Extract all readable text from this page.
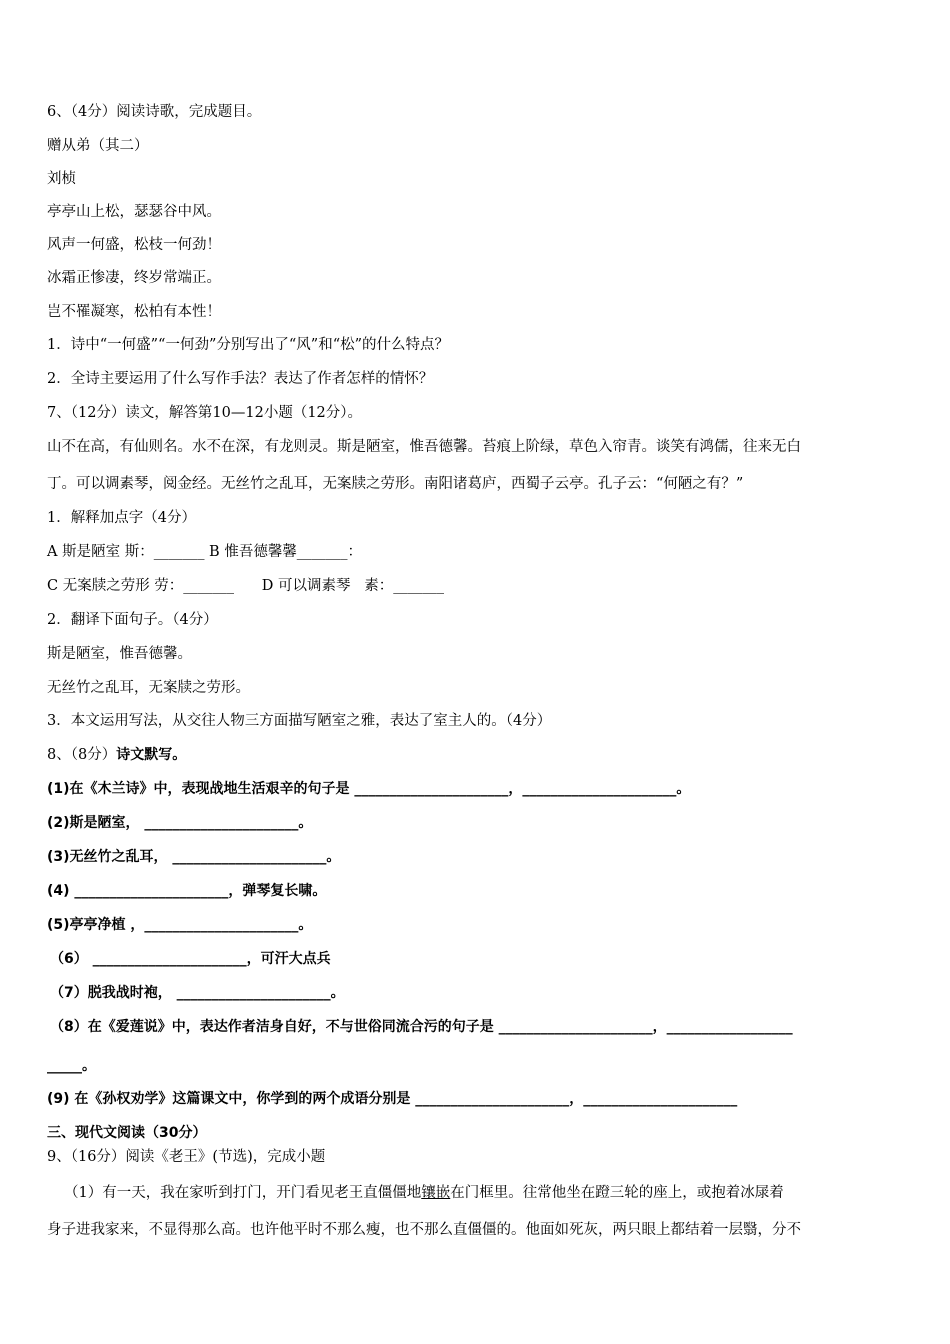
6、（4分）阅读诗歌，完成题目。
赠从弟（其二）
刘桢
亭亭山上松，瑟瑟谷中风。
风声一何盛，松枝一何劲！
冰霜正惨凄，终岁常端正。
岂不罹凝寒，松柏有本性！
1．诗中“一何盛”“一何劲”分别写出了“风”和“松”的什么特点？
2．全诗主要运用了什么写作手法？表达了作者怎样的情怀？
7、（12分）读文，解答第10—12小题（12分）。
山不在高，有仙则名。水不在深，有龙则灵。斯是陋室，惟吾德馨。苔痕上阶绿，草色入帘青。谈笑有鸿儒，往来无白
丁。可以调素琴，阅金经。无丝竹之乱耳，无案牍之劳形。南阳诸葛庐，西蜀子云亭。孔子云：“何陋之有？”
1．解释加点字（4分）
A 斯是陋室 斯：_______ B 惟吾德馨馨_______：
C 无案牍之劳形 劳：_______      D 可以调素琴   素：_______
2．翻译下面句子。（4分）
斯是陋室，惟吾德馨。
无丝竹之乱耳，无案牍之劳形。
3．本文运用写法，从交往人物三方面描写陋室之雅，表达了室主人的。（4分）
8、（8分）诗文默写。
(1)在《木兰诗》中，表现战地生活艰辛的句子是 ______________________，______________________。
(2)斯是陋室， ______________________。
(3)无丝竹之乱耳， ______________________。
(4) ______________________，弹琴复长啸。
(5)亭亭净植 ，______________________。
（6） ______________________，可汗大点兵
（7）脱我战时袍， ______________________。
（8）在《爱莲说》中，表达作者洁身自好，不与世俗同流合污的句子是 ______________________，__________________
_____。
(9) 在《孙权劝学》这篇课文中，你学到的两个成语分别是 ______________________，______________________
三、现代文阅读（30分）
9、（16分）阅读《老王》(节选)，完成小题
（1）有一天，我在家听到打门，开门看见老王直僵僵地镶嵌在门框里。往常他坐在蹬三轮的座上，或抱着冰㞗着
身子进我家来，不显得那么高。也许他平时不那么瘦，也不那么直僵僵的。他面如死灰，两只眼上都结着一层翳，分不
